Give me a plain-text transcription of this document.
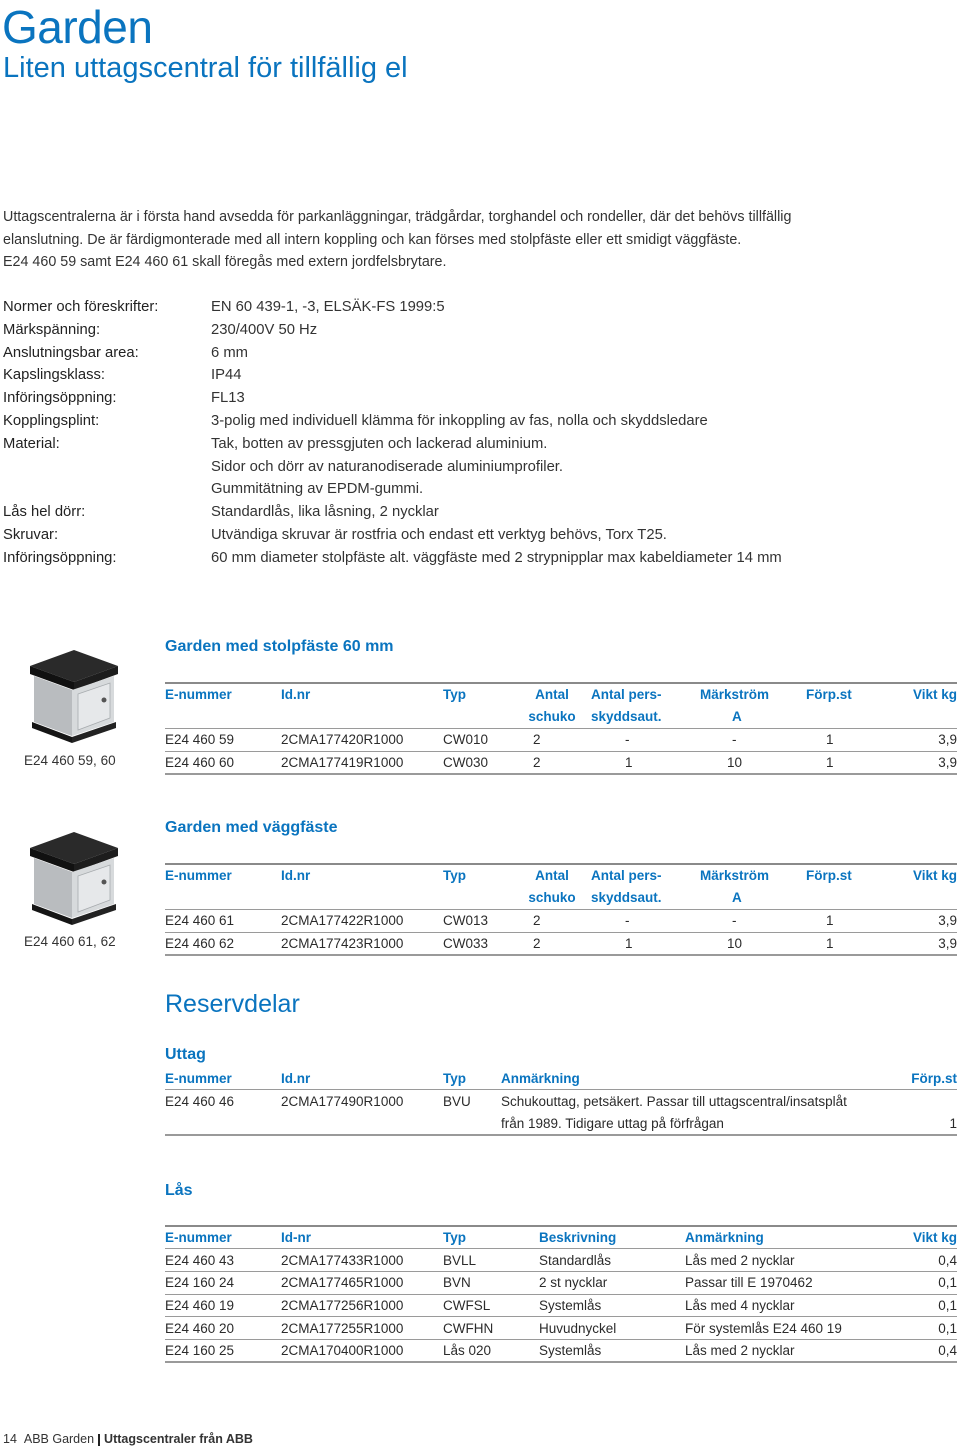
Garden
Liten uttagscentral för tillfällig el
Uttagscentralerna är i första hand avsedda för parkanläggningar, trädgårdar, torghandel och rondeller, där det behövs tillfällig
elanslutning. De är färdigmonterade med all intern koppling och kan förses med stolpfäste eller ett smidigt väggfäste.
E24 460 59 samt E24 460 61 skall föregås med extern jordfelsbrytare.
Normer och föreskrifter:	EN 60 439-1, -3, ELSÄK-FS 1999:5
Märkspänning:	230/400V 50 Hz
Anslutningsbar area:	6 mm
Kapslingsklass:	IP44
Införingsöppning:	FL13
Kopplingsplint:	3-polig med individuell klämma för inkoppling av fas, nolla och skyddsledare
Material:	Tak, botten av pressgjuten och lackerad aluminium.
Sidor och dörr av naturanodiserade aluminiumprofiler.
Gummitätning av EPDM-gummi.
Lås hel dörr:	Standardlås, lika låsning, 2 nycklar
Skruvar:	Utvändiga skruvar är rostfria och endast ett verktyg behövs, Torx T25.
Införingsöppning:	60 mm diameter stolpfäste alt. väggfäste med 2 strypnipplar max kabeldiameter 14 mm
E24 460 59, 60
Garden med stolpfäste 60 mm
E-nummer	Id.nr	Typ	Antal	Antal pers-	Märkström	Förp.st	Vikt kg
			schuko	skyddsaut.	A		
E24 460 59	2CMA177420R1000	CW010	2	-	-	1	3,9
E24 460 60	2CMA177419R1000	CW030	2	1	10	1	3,9
E24 460 61, 62
Garden med väggfäste
E-nummer	Id.nr	Typ	Antal	Antal pers-	Märkström	Förp.st	Vikt kg
			schuko	skyddsaut.	A		
E24 460 61	2CMA177422R1000	CW013	2	-	-	1	3,9
E24 460 62	2CMA177423R1000	CW033	2	1	10	1	3,9
Reservdelar
Uttag
E-nummer	Id.nr	Typ	Anmärkning	Förp.st
E24 460 46	2CMA177490R1000	BVU	Schukouttag, petsäkert. Passar till uttagscentral/insatsplåt	
			från 1989. Tidigare uttag på förfrågan	1
Lås
E-nummer	Id-nr	Typ	Beskrivning	Anmärkning	Vikt kg
E24 460 43	2CMA177433R1000	BVLL	Standardlås	Lås med 2 nycklar	0,4
E24 160 24	2CMA177465R1000	BVN	2 st nycklar	Passar till E 1970462	0,1
E24 460 19	2CMA177256R1000	CWFSL	Systemlås	Lås med 4 nycklar	0,1
E24 460 20	2CMA177255R1000	CWFHN	Huvudnyckel	För systemlås E24 460 19	0,1
E24 160 25	2CMA170400R1000	Lås 020	Systemlås	Lås med 2 nycklar	0,4
14 ABB Garden Uttagscentraler från ABB
